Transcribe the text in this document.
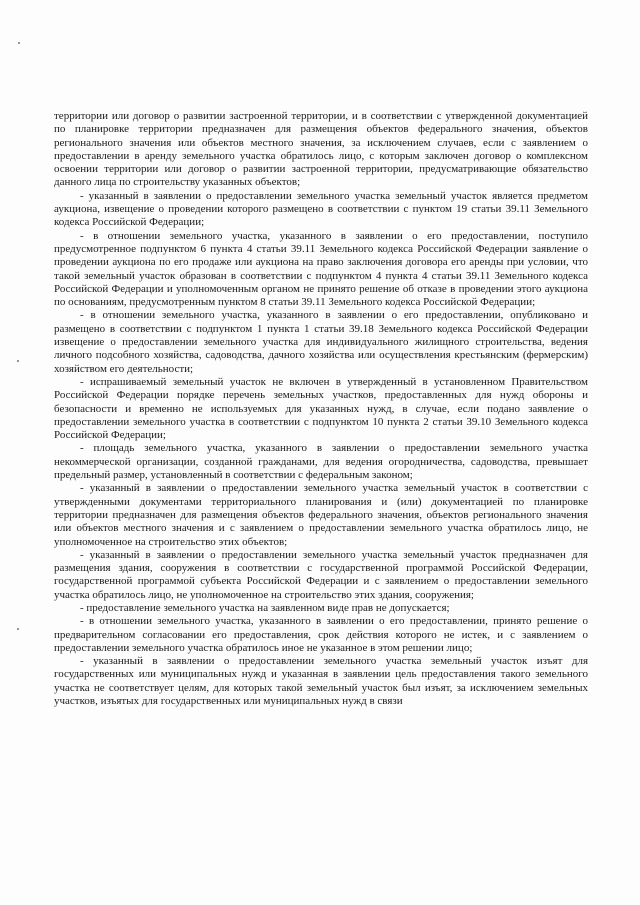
территории или договор о развитии застроенной территории, и в соответствии с утвержденной документацией по планировке территории предназначен для размещения объектов федерального значения, объектов регионального значения или объектов местного значения, за исключением случаев, если с заявлением о предоставлении в аренду земельного участка обратилось лицо, с которым заключен договор о комплексном освоении территории или договор о развитии застроенной территории, предусматривающие обязательство данного лица по строительству указанных объектов;

- указанный в заявлении о предоставлении земельного участка земельный участок является предметом аукциона, извещение о проведении которого размещено в соответствии с пунктом 19 статьи 39.11 Земельного кодекса Российской Федерации;

- в отношении земельного участка, указанного в заявлении о его предоставлении, поступило предусмотренное подпунктом 6 пункта 4 статьи 39.11 Земельного кодекса Российской Федерации заявление о проведении аукциона по его продаже или аукциона на право заключения договора его аренды при условии, что такой земельный участок образован в соответствии с подпунктом 4 пункта 4 статьи 39.11 Земельного кодекса Российской Федерации и уполномоченным органом не принято решение об отказе в проведении этого аукциона по основаниям, предусмотренным пунктом 8 статьи 39.11 Земельного кодекса Российской Федерации;

- в отношении земельного участка, указанного в заявлении о его предоставлении, опубликовано и размещено в соответствии с подпунктом 1 пункта 1 статьи 39.18 Земельного кодекса Российской Федерации извещение о предоставлении земельного участка для индивидуального жилищного строительства, ведения личного подсобного хозяйства, садоводства, дачного хозяйства или осуществления крестьянским (фермерским) хозяйством его деятельности;

- испрашиваемый земельный участок не включен в утвержденный в установленном Правительством Российской Федерации порядке перечень земельных участков, предоставленных для нужд обороны и безопасности и временно не используемых для указанных нужд, в случае, если подано заявление о предоставлении земельного участка в соответствии с подпунктом 10 пункта 2 статьи 39.10 Земельного кодекса Российской Федерации;

- площадь земельного участка, указанного в заявлении о предоставлении земельного участка некоммерческой организации, созданной гражданами, для ведения огородничества, садоводства, превышает предельный размер, установленный в соответствии с федеральным законом;

- указанный в заявлении о предоставлении земельного участка земельный участок в соответствии с утвержденными документами территориального планирования и (или) документацией по планировке территории предназначен для размещения объектов федерального значения, объектов регионального значения или объектов местного значения и с заявлением о предоставлении земельного участка обратилось лицо, не уполномоченное на строительство этих объектов;

- указанный в заявлении о предоставлении земельного участка земельный участок предназначен для размещения здания, сооружения в соответствии с государственной программой Российской Федерации, государственной программой субъекта Российской Федерации и с заявлением о предоставлении земельного участка обратилось лицо, не уполномоченное на строительство этих здания, сооружения;

- предоставление земельного участка на заявленном виде прав не допускается;

- в отношении земельного участка, указанного в заявлении о его предоставлении, принято решение о предварительном согласовании его предоставления, срок действия которого не истек, и с заявлением о предоставлении земельного участка обратилось иное не указанное в этом решении лицо;

- указанный в заявлении о предоставлении земельного участка земельный участок изъят для государственных или муниципальных нужд и указанная в заявлении цель предоставления такого земельного участка не соответствует целям, для которых такой земельный участок был изъят, за исключением земельных участков, изъятых для государственных или муниципальных нужд в связи
